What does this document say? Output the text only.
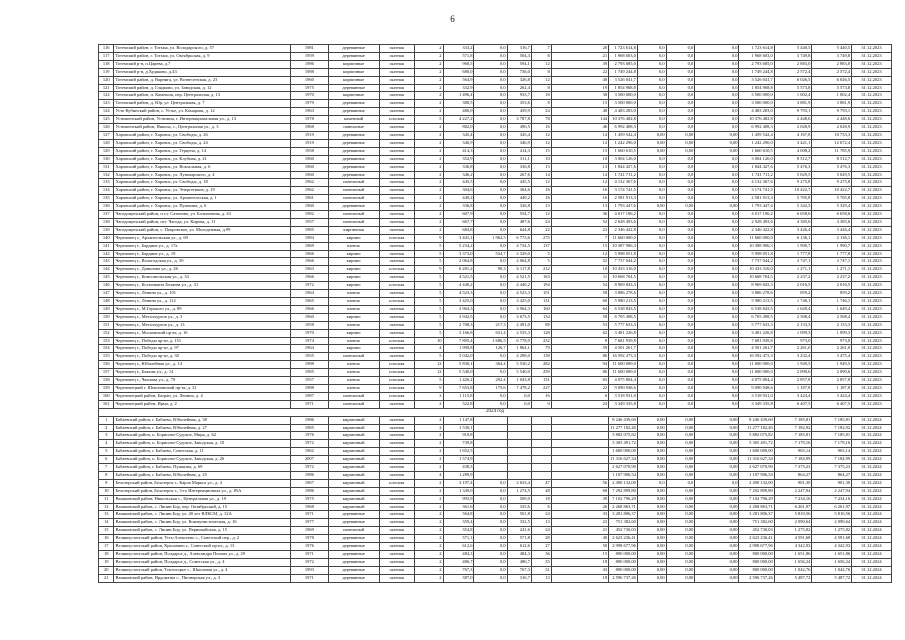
6
116	Тотемский район, г. Тотьма, ул. Володарского, д. 57	1981	деревянные	скатная	2	333,2	0,0	316,7	7	20	1 723 614,8	0,0	0,0	0,0	1 723 614,8	5 440,5	5 440,5	31.12.2023
117	Тотемский район, г. Тотьма, ул. Октябрьская, д. 9	1959	деревянные	скатная	2	571,8	0,0	504,3	8	21	1 968 603,0	0,0	0,0	0,0	1 968 603,0	3 749,8	3 749,8	31.12.2023
118	Тотемский р-н, п.Царева, д.7	1986	кирпичные	скатная	2	968,5	0,0	594,1	12	39	2 793 685,0	0,0	0,0	0,0	2 793 685,0	2 883,0	2 883,0	31.12.2023
119	Тотемский р-н, д.Худяково, д.43	1988	кирпичные	скатная	2	680,0	0,0	736,0	8	22	1 749 244,8	0,0	0,0	0,0	1 749 244,8	2 572,4	2 572,4	31.12.2023
120	Тотемский район, д. Варнига, ул. Вознесенская, д. 23	1960	кирпичные	скатная	2	564,9	0,0	326,8	12	40	3 526 041,7	0,0	0,0	0,0	3 526 041,7	6 026,5	6 026,5	31.12.2023
121	Тотемский район, д. Глядково, ул. Заводская, д. 12	1975	деревянные	скатная	2	332,9	0,0	262,4	8	19	1 854 968,8	0,0	0,0	0,0	1 854 968,8	5 573,8	5 573,8	31.12.2023
122	Тотемский район, п. Камешок, пер. Центральная, д. 13	1970	кирпичные	скатная	2	1 496,4	0,0	933,7	18	38	3 500 000,0	0,0	0,0	0,0	3 500 000,0	1 002,4	1 002,4	31.12.2023
123	Тотемский район, д. Юр, ул. Центральная, д. 7	1979	деревянные	скатная	2	388,5	0,0	353,6	8	15	3 500 000,0	0,0	0,0	0,0	3 500 000,0	3 881,9	3 881,9	31.12.2023
124	Усть-Кубинский район, с. Устье, ул. Комарова, д. 12	1963	деревянные	скатная	2	480,0	0,0	459,9	24	48	4 483 283,0	0,0	0,0	0,0	4 483 283,0	9 793,1	9 793,1	31.12.2023
125	Устюженский район, Устюжна, г. Интернациональная ул., д. 13	1978	каменный	плоская	5	4 227,2	0,0	3 787,8	78	144	10 376 482,8	0,0	0,0	0,0	10 376 482,8	2 448,6	2 448,6	31.12.2023
126	Устюженский район, Никола, с., Центральная ул., д. 3	1968	панельные	скатная	2	882,0	0,0	490,5	16	46	6 992 408,3	0,0	0,0	0,0	6 992 408,3	2 028,9	2 028,9	31.12.2023
127	Харовский район, г. Харовск, ул. Свободы, д. 26	1919	деревянные	скатная	2	345,4	0,0	345,4	12	14	1 459 542,4	0,00	0,00	0,00	1 459 542,4	4 167,8	10 733,3	31.12.2023
128	Харовский район, г. Харовск, ул. Свободы, д. 24	1919	деревянные	скатная	2	346,9	0,0	346,9	12	12	1 242 296,0	0,00	0,00	0,00	1 242 296,0	3 421,1	12 672,4	31.12.2023
129	Харовский район, г. Харовск, ул. Герцена, д. 14	1958	деревянные	скатная	2	414,3	0,0	414,3	15	15	1 660 610,5	0,00	0,00	0,00	1 660 610,5	4 008,2	11 785,9	31.12.2023
130	Харовский район, г. Харовск, ул. Клубная, д. 21	1960	деревянные	скатная	2	352,9	0,0	311,1	10	10	3 004 126,0	0,0	0,0	0,0	3 004 126,0	8 512,7	8 512,7	31.12.2023
131	Харовский район, г. Харовск, ул. Вокзальная, д. 6	1960	деревянные	скатная	2	336,8	0,0	336,8	13	13	1 844 427,6	0,0	0,0	0,0	1 844 427,6	5 476,3	5 476,3	31.12.2023
132	Харовский район, г. Харовск, ул. Луначарского, д. 4	1960	деревянные	скатная	2	346,2	0,0	267,6	14	14	1 741 711,2	0,0	0,0	0,0	1 741 711,2	5 029,5	5 029,5	31.12.2023
133	Харовский район, г. Харовск, ул. Свободы, д. 18	1962	панельный	скатная	2	445,5	0,0	445,5	12	12	4 132 367,6	0,0	0,0	0,0	4 132 367,6	9 275,8	9 275,8	31.12.2023
134	Харовский район, г. Харовск, ул. Энергетиков, д. 19	1962	панельный	скатная	2	304,6	0,0	304,6	16	16	3 174 741,5	0,0	0,0	0,0	3 174 741,5	10 422,7	10 422,7	31.12.2023
135	Харовский район, г. Харовск, ул. Архангельская, д. 1	1961	панельный	скатная	2	449,2	0,0	449,2	16	16	2 581 913,3	0,0	0,0	0,0	2 581 913,3	5 705,8	5 705,8	31.12.2023
136	Харовский район, г. Харовск, ул. Пушкина, д. 6	1960	деревянные	скатная	2	336,8	0,0	336,8	13	13	1 793 447,6	0,00	0,00	0,00	1 793 447,6	5 342,5	5 329,4	31.12.2023
137	Чагодощенский район, п.г.т. Сазоново, ул. Больничная, д. 43	1982	панельный	скатная	2	607,9	0,0	554,7	12	36	4 017 196,2	0,0	0,0	0,0	4 017 196,2	6 658,6	6 658,6	31.12.2023
138	Чагодощенский район, пгт. Чагода, ул. Кирова, д. 11	1957	панельный	скатная	2	667,7	0,0	487,6	24	52	2 628 493,6	0,0	0,0	0,0	2 928 493,6	4 385,6	4 385,6	31.12.2023
139	Чагодощенский район, с. Покровское, ул. Молодежная, д.99	1985	кирпичная	скатная	2	684,8	0,0	644,8	22	23	2 346 422,8	0,0	0,0	0,0	2 346 422,8	3 426,4	3 426,4	31.12.2023
140	Череповец г., Архангельская ул., д. 69	1984	кирпич	плоская	9	3 441,1	1 962,5	6 773,6	275	7	11 660 000,0	0,0	0,0	0,0	11 660 000,0	6 136,1	2 136,1	31.12.2023
141	Череповец г., Бардина ул., д. 17а	1969	панель	скатная	5	5 234,2	0,0	4 734,5	137	15	10 387 906,3	0,0	0,0	0,0	10 388 906,3	1 990,7	1 990,7	31.12.2023
142	Череповец г., Бардина ул., д. 19	1966	кирпич	скатная	5	3 373,0	534,7	2 329,0	5	12	5 998 051,8	0,0	0,0	0,0	5 998 051,8	1 777,8	1 777,8	31.12.2023
143	Череповец г., Вологодская ул., д. 39	1966	кирпич	скатная	5	2 064,8	0,0	2 064,8	5	52	7 737 044,2	0,0	0,0	0,0	7 737 044,2	3 747,1	3 747,1	31.12.2023
144	Череповец г., Данилова ул., д. 26	1963	кирпич	плоская	9	6 281,2	90,3	6 117,8	212	10	10 433 316,0	0,0	0,0	0,0	10 433 316,0	1 271,1	1 271,1	31.12.2023
145	Череповец г., Комсомольская ул., д. 33	1966	кирпич	скатная	5	4 521,5	0,0	4 521,5	163	11	10 668 704,5	0,0	0,0	0,0	10 668 704,5	2 237,2	2 237,2	31.12.2023
146	Череповец г., Космонавта Беляева ул., д. 31	1972	кирпич	плоская	5	4 440,2	0,0	4 440,2	194	54	8 969 843,3	0,0	0,0	0,0	8 969 843,3	2 016,5	2 016,5	31.12.2023
147	Череповец г., Ленина ул., д. 101	1964	панель	скатная	5	4 523,3	0,0	4 523,3	151	58	3 886 278,6	0,0	0,0	0,0	3 886 278,6	859,2	859,2	31.12.2023
148	Череповец г., Ленина ул., д. 112	1965	панель	плоская	5	3 425,0	0,0	3 425,0	131	60	5 980 213,5	0,0	0,0	0,0	5 980 213,5	1 746,1	1 746,1	31.12.2023
149	Череповец г., М.Горького ул., д. 89	1966	панель	скатная	5	3 964,3	0,0	3 964,3	160	64	6 538 843,5	0,0	0,0	0,0	6 538 843,5	1 649,4	1 649,4	31.12.2023
150	Череповец г., Металлургов ул., д. 3	1960	кирпич	скатная	5	3 942,5	0,0	3 673,5	134	58	6 705 498,5	0,0	0,0	0,0	6 705 498,5	2 508,4	2 508,4	31.12.2023
151	Череповец г., Металлургов ул., д. 13	1958	панель	скатная	5	2 708,3	217,3	2 491,0	88	53	5 777 633,3	0,0	0,0	0,0	5 777 633,3	2 133,3	2 133,3	31.12.2023
152	Череповец г., Московский пр-кт, д. 16	1970	кирпич	скатная	5	3 166,8	631,4	2 535,3	128	62	3 481 226,8	0,0	0,0	0,0	3 481 226,8	1 099,3	1 099,3	31.12.2023
153	Череповец г., Победы пр-кт, д. 151	1974	панель	плоская	10	7 895,4	1 686,5	6 778,9	232	8	7 681 939,8	0,0	0,0	0,0	7 681 939,8	973,0	973,0	31.12.2023
154	Череповец г., Победы пр-кт, д. 97	1964	кирпич	скатная	4	1 990,8	126,7	1 864,1	79	59	4 501 261,7	0,0	0,0	0,0	4 501 261,7	2 261,0	2 261,0	31.12.2023
155	Череповец г., Победы пр-кт, д. 30	1955	панельный	скатная	5	5 042,0	0,0	4 298,0	138	86	16 592 473,3	0,0	0,0	0,0	16 592 473,3	3 232,4	3 475,4	31.12.2023
156	Череповец г., Юбилейная ул., д. 14	1988	панель	плоская	12	5 830,1	364,4	5 530,2	282	94	11 600 000,0	0,0	0,0	0,0	11 600 000,0	1 949,5	1 949,5	31.12.2023
157	Череповец г., Бажова ул., д. 14	1985	панель	плоская	12	5 540,0	0,0	5 540,0	259	86	11 600 000,0	0,0	0,0	0,0	11 600 000,0	2 090,6	2 090,6	31.12.2023
158	Череповец г., Чкалова ул., д. 79	1957	панель	плоская	5	1 426,2	292,4	1 043,8	131	65	4 075 804,4	0,0	0,0	0,0	4 075 804,4	2 857,8	2 857,8	31.12.2023
159	Череповецкий г. Шекснинский пр-кт, д. 31	1988	панель	плоская	9	7 653,8	175,6	7 478,2	227	22	9 090 948,6	0,0	0,0	0,0	9 090 948,6	1 187,8	1 187,8	31.12.2023
160	Череповецкий район, Батран, ул. Ленина, д. 4	1987	панельный	плоская	3	1 115,8	0,0	0,0	16	6	3 518 931,0	0,0	0,0	0,0	3 518 931,0	3 424,4	3 424,4	31.12.2023
161	Череповецкий район, Ирма, д. 2	1971	панельный	скатная	2	522,8	0,0	0,0	0	24	3 349 335,8	0,0	0,0	0,0	3 349 335,8	6 407,5	6 407,5	31.12.2023
2024 год																		
1	Бабаевский район, г. Бабаево, Юбилейная, д. 38	1986	кирпичный	скатная	2	1 147,8					8 246 439,60	0,00	0,00	0,00	8 246 439,60	7 185,81	7 185,81	31.12.2024
2	Бабаевский район, г. Бабаево, Юбилейная, д. 27	1985	кирпичный	скатная	2	1 530,1					11 277 182,40	0,00	0,00	0,00	11 277 182,40	7 182,92	7 182,92	31.12.2024
3	Бабаевский район, п. Борисово-Судское, Мира, д. 62	1976	кирпичный	скатная	2	918,8					5 882 075,82	0,00	0,00	0,00	5 882 075,82	7 185,81	7 185,81	31.12.2024
4	Бабаевский район, п. Борисово-Судское, Заводская, д. 10	1972	кирпичный	скатная	2	739,8					5 305 491,72	0,00	0,00	0,00	5 305 491,72	7 179,16	7 179,16	31.12.2024
5	Бабаевский район, г. Бабаево, Советская, д. 11	1962	кирпичный	скатная	2	1 652,5					1 600 000,00	0,00	0,00	0,00	1 600 000,00	965,14	965,14	31.12.2024
6	Бабаевский район, п. Борисово-Судское, Заводская, д. 26	2007	кирпичный	скатная	2	1 574,9					11 316 627,34	0,00	0,00	0,00	11 316 627,34	7 184,99	7 184,99	31.12.2024
7	Бабаевский район, г. Бабаево, Пушкина, д. 69	1972	кирпичный	скатная	2	438,3					2 627 070,90	0,00	0,00	0,00	2 627 070,90	7 375,23	7 375,23	31.12.2024
8	Бабаевский район, г. Бабаево, Юбилейная, д. 25	1986	кирпичный	скатная	4	1 289,9					1 107 906,54	0,00	0,00	0,00	1 107 906,54	864,27	864,27	31.12.2024
9	Белозерский район, Белозерск г., Карла Маркса ул., д. 4	1967	кирпичный	плоская	2	3 197,4	0,0	2 633,4	47	56	2 490 132,00	0,0	0,0	0,0	2 490 132,00	901,30	901,30	31.12.2024
10	Белозерский район, Белозерск г., 3-го Интернационала ул., д. 85А	1986	кирпичный	скатная	2	1 349,0	0,0	1 274,5	48	68	7 292 899,80	0,00	0,00	0,00	7 292 899,80	2 247,94	2 247,94	31.12.2024
11	Вашкинский район, Никольская с., Центральная ул., д. 19	1975	кирпичный	скатная	2	993,9	0,0	509,0	18	39	7 102 796,29	0,00	0,00	0,00	7 102 796,29	7 234,16	7 234,16	31.12.2024
12	Вашкинский район, с. Липин Бор, пер. Октябрьский, д. 15	1968	кирпичный	скатная	2	361,6	0,0	335,6	6	26	2 268 863,71	0,00	0,00	0,00	2 268 863,71	6 261,97	6 261,97	31.12.2024
13	Вашкинский район, с. Липин Бор, ул. 40 лет ВЛКСМ, д. 32А	1971	деревянные	скатная	2	564,8	0,0	501,8	24	33	3 281 806,37	0,00	0,00	0,00	3 281 806,37	5 810,56	5 810,56	31.12.2024
14	Вашкинский район, с. Липин Бор, ул. Коммунистическая, д. 16	1977	деревянные	скатная	2	359,4	0,0	332,5	13	23	751 382,60	0,00	0,00	0,00	751 382,60	2 090,64	2 090,64	31.12.2024
15	Вашкинский район, с. Липин Бор, ул. Первомайская, д. 15	1969	панельный	скатная	2	354,8	0,0	241,6	24	21	452 730,03	0,00	0,00	0,00	452 730,03	1 275,82	1 275,82	31.12.2024
16	Великоустюгский район, Усть-Алексеево с., Советский пер., д. 2	1978	деревянные	скатная	2	571,1	0,0	571,8	28	40	2 623 236,41	0,00	0,00	0,00	2 623 236,41	4 591,68	4 591,68	31.12.2024
17	Великоустюгский район, Красавино г., Советский пр-кт., д. 13	1976	деревянные	скатная	2	612,6	0,0	612,6	27	50	2 998 677,96	0,00	0,00	0,00	2 998 677,96	4 342,93	4 342,93	31.12.2024
18	Великоустюгский район, Полдарса д., Александра Попова ул., д. 29	1971	деревянные	скатная	2	484,3	0,0	484,3	36	15	800 000,00	0,00	0,00	0,00	800 000,00	1 651,86	1 651,86	31.12.2024
19	Великоустюгский район, Полдарса д., Советская ул., д. 4	1972	деревянные	скатная	2	486,7	0,0	486,7	35	18	800 000,00	0,00	0,00	0,00	800 000,00	1 656,24	1 656,24	31.12.2024
20	Великоустюгский район, Теплогорье с., Школьная ул., д. 4	1993	деревянные	скатная	2	767,3	0,0	767,3	31	43	800 000,00	0,00	0,00	0,00	800 000,00	1 042,76	1 042,76	31.12.2024
21	Вашкинский район, Ирдоматка с., Пионерская ул., д. 3	1971	деревянные	скатная	2	387,0	0,0	316,7	13	18	2 596 737,26	0,00	0,00	0,00	2 596 737,26	5 487,72	5 487,72	31.12.2024
